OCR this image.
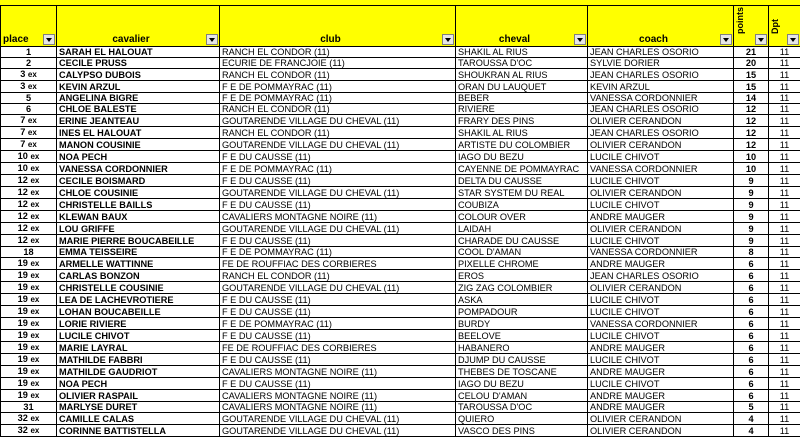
place	cavalier	club	cheval	coach	points	Dpt

1	SARAH EL HALOUAT	RANCH EL CONDOR (11)	SHAKIL AL RIUS	JEAN CHARLES OSORIO	21	11
2	CECILE PRUSS	ECURIE DE FRANCJOIE (11)	TAROUSSA D'OC	SYLVIE DORIER	20	11
3 ex	CALYPSO DUBOIS	RANCH EL CONDOR (11)	SHOUKRAN AL RIUS	JEAN CHARLES OSORIO	15	11
3 ex	KEVIN ARZUL	F E DE POMMAYRAC (11)	ORAN DU LAUQUET	KEVIN ARZUL	15	11
5	ANGELINA BIGRE	F E DE POMMAYRAC (11)	BEBER	VANESSA CORDONNIER	14	11
6	CHLOE BALESTE	RANCH EL CONDOR (11)	RIVIERE	JEAN CHARLES OSORIO	12	11
7 ex	ERINE JEANTEAU	GOUTARENDE VILLAGE DU CHEVAL (11)	FRARY DES PINS	OLIVIER CERANDON	12	11
7 ex	INES EL HALOUAT	RANCH EL CONDOR (11)	SHAKIL AL RIUS	JEAN CHARLES OSORIO	12	11
7 ex	MANON COUSINIE	GOUTARENDE VILLAGE DU CHEVAL (11)	ARTISTE DU COLOMBIER	OLIVIER CERANDON	12	11
10 ex	NOA PECH	F E DU CAUSSE (11)	IAGO DU BEZU	LUCILE CHIVOT	10	11
10 ex	VANESSA CORDONNIER	F E DE POMMAYRAC (11)	CAYENNE DE POMMAYRAC	VANESSA CORDONNIER	10	11
12 ex	CECILE BOISMARD	F E DU CAUSSE (11)	DELTA DU CAUSSE	LUCILE CHIVOT	9	11
12 ex	CHLOE COUSINIE	GOUTARENDE VILLAGE DU CHEVAL (11)	STAR SYSTEM DU REAL	OLIVIER CERANDON	9	11
12 ex	CHRISTELLE BAILLS	F E DU CAUSSE (11)	COUBIZA	LUCILE CHIVOT	9	11
12 ex	KLEWAN BAUX	CAVALIERS MONTAGNE NOIRE (11)	COLOUR OVER	ANDRE MAUGER	9	11
12 ex	LOU GRIFFE	GOUTARENDE VILLAGE DU CHEVAL (11)	LAIDAH	OLIVIER CERANDON	9	11
12 ex	MARIE PIERRE BOUCABEILLE	F E DU CAUSSE (11)	CHARADE DU CAUSSE	LUCILE CHIVOT	9	11
18	EMMA TEISSEIRE	F E DE POMMAYRAC (11)	COOL D'AMAN	VANESSA CORDONNIER	8	11
19 ex	ARMELLE WATTINNE	FE DE ROUFFIAC DES CORBIERES	PIXELLE CHROME	ANDRE MAUGER	6	11
19 ex	CARLAS BONZON	RANCH EL CONDOR (11)	EROS	JEAN CHARLES OSORIO	6	11
19 ex	CHRISTELLE COUSINIE	GOUTARENDE VILLAGE DU CHEVAL (11)	ZIG ZAG COLOMBIER	OLIVIER CERANDON	6	11
19 ex	LEA DE LACHEVROTIERE	F E DU CAUSSE (11)	ASKA	LUCILE CHIVOT	6	11
19 ex	LOHAN BOUCABEILLE	F E DU CAUSSE (11)	POMPADOUR	LUCILE CHIVOT	6	11
19 ex	LORIE RIVIERE	F E DE POMMAYRAC (11)	BURDY	VANESSA CORDONNIER	6	11
19 ex	LUCILE CHIVOT	F E DU CAUSSE (11)	BEELOVE	LUCILE CHIVOT	6	11
19 ex	MARIE LAYRAL	FE DE ROUFFIAC DES CORBIERES	HABANERO	ANDRE MAUGER	6	11
19 ex	MATHILDE FABBRI	F E DU CAUSSE (11)	DJUMP DU CAUSSE	LUCILE CHIVOT	6	11
19 ex	MATHILDE GAUDRIOT	CAVALIERS MONTAGNE NOIRE (11)	THEBES DE TOSCANE	ANDRE MAUGER	6	11
19 ex	NOA PECH	F E DU CAUSSE (11)	IAGO DU BEZU	LUCILE CHIVOT	6	11
19 ex	OLIVIER RASPAIL	CAVALIERS MONTAGNE NOIRE (11)	CELOU D'AMAN	ANDRE MAUGER	6	11
31	MARLYSE DURET	CAVALIERS MONTAGNE NOIRE (11)	TAROUSSA D'OC	ANDRE MAUGER	5	11
32 ex	CAMILLE CALAS	GOUTARENDE VILLAGE DU CHEVAL (11)	QUIERO	OLIVIER CERANDON	4	11
32 ex	CORINNE BATTISTELLA	GOUTARENDE VILLAGE DU CHEVAL (11)	VASCO DES PINS	OLIVIER CERANDON	4	11
